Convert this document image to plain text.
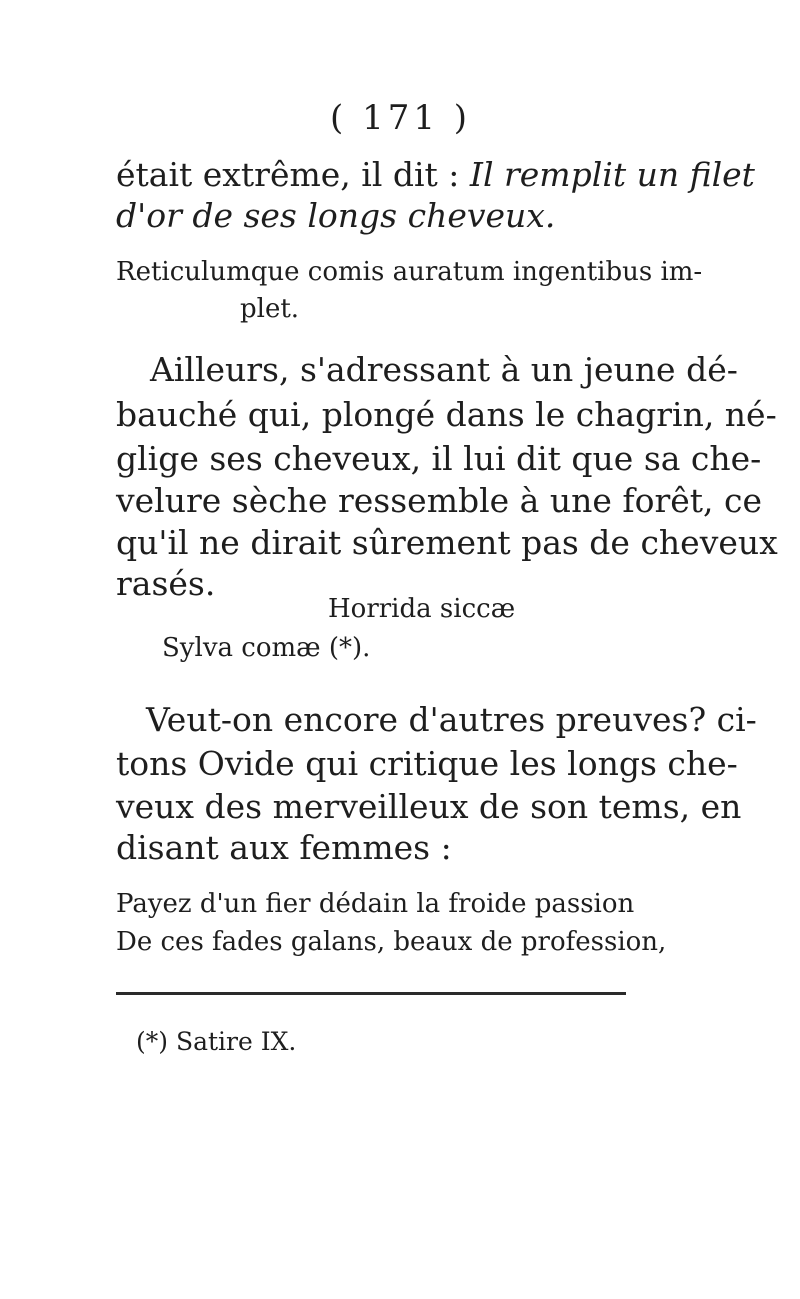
( 171 )
était extrême, il dit : Il remplit un filet
d'or de ses longs cheveux.
Reticulumque comis auratum ingentibus im-
plet.
Ailleurs, s'adressant à un jeune dé-
bauché qui, plongé dans le chagrin, né-
glige ses cheveux, il lui dit que sa che-
velure sèche ressemble à une forêt, ce
qu'il ne dirait sûrement pas de cheveux
rasés.
Horrida siccæ
Sylva comæ (*).
Veut-on encore d'autres preuves? ci-
tons Ovide qui critique les longs che-
veux des merveilleux de son tems, en
disant aux femmes :
Payez d'un fier dédain la froide passion
De ces fades galans, beaux de profession,
(*) Satire IX.
